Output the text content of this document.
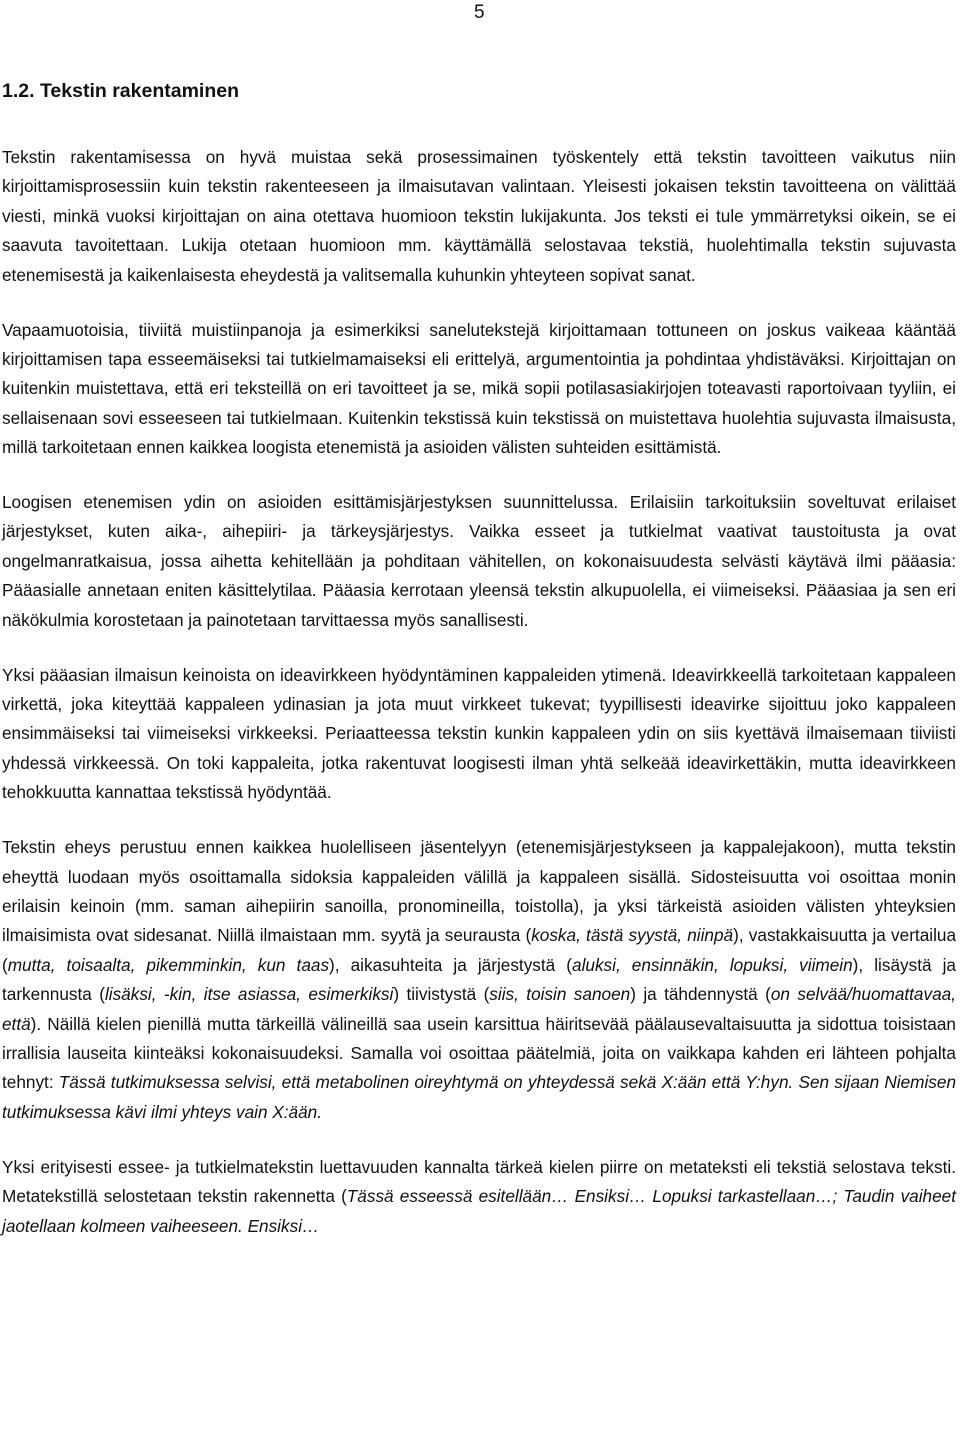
5
1.2. Tekstin rakentaminen

Tekstin rakentamisessa on hyvä muistaa sekä prosessimainen työskentely että tekstin tavoitteen vaikutus niin kirjoittamisprosessiin kuin tekstin rakenteeseen ja ilmaisutavan valintaan. Yleisesti jokaisen tekstin tavoitteena on välittää viesti, minkä vuoksi kirjoittajan on aina otettava huomioon tekstin lukijakunta. Jos teksti ei tule ymmärretyksi oikein, se ei saavuta tavoitettaan. Lukija otetaan huomioon mm. käyttämällä selostavaa tekstiä, huolehtimalla tekstin sujuvasta etenemisestä ja kaikenlaisesta eheydestä ja valitsemalla kuhunkin yhteyteen sopivat sanat.

Vapaamuotoisia, tiiviitä muistiinpanoja ja esimerkiksi sanelutekstejä kirjoittamaan tottuneen on joskus vaikeaa kääntää kirjoittamisen tapa esseemäiseksi tai tutkielmamaiseksi eli erittelyä, argumentointia ja pohdintaa yhdistäväksi. Kirjoittajan on kuitenkin muistettava, että eri teksteillä on eri tavoitteet ja se, mikä sopii potilasasiakirjojen toteavasti raportoivaan tyyliin, ei sellaisenaan sovi esseeseen tai tutkielmaan. Kuitenkin tekstissä kuin tekstissä on muistettava huolehtia sujuvasta ilmaisusta, millä tarkoitetaan ennen kaikkea loogista etenemistä ja asioiden välisten suhteiden esittämistä.

Loogisen etenemisen ydin on asioiden esittämisjärjestyksen suunnittelussa. Erilaisiin tarkoituksiin soveltuvat erilaiset järjestykset, kuten aika-, aihepiiri- ja tärkeysjärjestys. Vaikka esseet ja tutkielmat vaativat taustoitusta ja ovat ongelmanratkaisua, jossa aihetta kehitellään ja pohditaan vähitellen, on kokonaisuudesta selvästi käytävä ilmi pääasia: Pääasialle annetaan eniten käsittelytilaa. Pääasia kerrotaan yleensä tekstin alkupuolella, ei viimeiseksi. Pääasiaa ja sen eri näkökulmia korostetaan ja painotetaan tarvittaessa myös sanallisesti.

Yksi pääasian ilmaisun keinoista on ideavirkkeen hyödyntäminen kappaleiden ytimenä. Ideavirkkeellä tarkoitetaan kappaleen virkettä, joka kiteyttää kappaleen ydinasian ja jota muut virkkeet tukevat; tyypillisesti ideavirke sijoittuu joko kappaleen ensimmäiseksi tai viimeiseksi virkkeeksi. Periaatteessa tekstin kunkin kappaleen ydin on siis kyettävä ilmaisemaan tiiviisti yhdessä virkkeessä. On toki kappaleita, jotka rakentuvat loogisesti ilman yhtä selkeää ideavirkettäkin, mutta ideavirkkeen tehokkuutta kannattaa tekstissä hyödyntää.

Tekstin eheys perustuu ennen kaikkea huolelliseen jäsentelyyn (etenemisjärjestykseen ja kappalejakoon), mutta tekstin eheyttä luodaan myös osoittamalla sidoksia kappaleiden välillä ja kappaleen sisällä. Sidosteisuutta voi osoittaa monin erilaisin keinoin (mm. saman aihepiirin sanoilla, pronomineilla, toistolla), ja yksi tärkeistä asioiden välisten yhteyksien ilmaisimista ovat sidesanat. Niillä ilmaistaan mm. syytä ja seurausta (koska, tästä syystä, niinpä), vastakkaisuutta ja vertailua (mutta, toisaalta, pikemminkin, kun taas), aikasuhteita ja järjestystä (aluksi, ensinnäkin, lopuksi, viimein), lisäystä ja tarkennusta (lisäksi, -kin, itse asiassa, esimerkiksi) tiivistystä (siis, toisin sanoen) ja tähdennystä (on selvää/huomattavaa, että). Näillä kielen pienillä mutta tärkeillä välineillä saa usein karsittua häiritsevää päälausevaltaisuutta ja sidottua toisistaan irrallisia lauseita kiinteäksi kokonaisuudeksi. Samalla voi osoittaa päätelmiä, joita on vaikkapa kahden eri lähteen pohjalta tehnyt: Tässä tutkimuksessa selvisi, että metabolinen oireyhtymä on yhteydessä sekä X:ään että Y:hyn. Sen sijaan Niemisen tutkimuksessa kävi ilmi yhteys vain X:ään.

Yksi erityisesti essee- ja tutkielmatekstin luettavuuden kannalta tärkeä kielen piirre on metateksti eli tekstiä selostava teksti. Metatekstillä selostetaan tekstin rakennetta (Tässä esseessä esitellään… Ensiksi… Lopuksi tarkastellaan…; Taudin vaiheet jaotellaan kolmeen vaiheeseen. Ensiksi…
